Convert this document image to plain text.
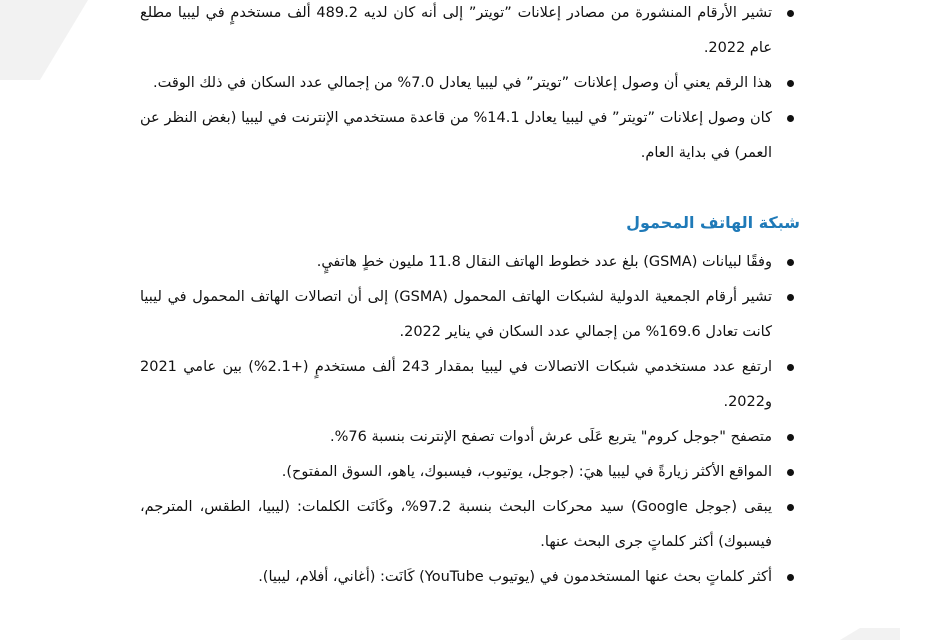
تشير الأرقام المنشورة من مصادر إعلانات ”تويتر” إلى أنه كان لديه 489.2 ألف مستخدمٍ في ليبيا مطلع عام 2022.
هذا الرقم يعني أن وصول إعلانات ”تويتر” في ليبيا يعادل 7.0% من إجمالي عدد السكان في ذلك الوقت.
كان وصول إعلانات ”تويتر” في ليبيا يعادل 14.1% من قاعدة مستخدمي الإنترنت في ليبيا (بغض النظر عن العمر) في بداية العام.
شبكة الهاتف المحمول
وفقًا لبيانات (GSMA) بلغ عدد خطوط الهاتف النقال 11.8 مليون خطٍ هاتفيٍ.
تشير أرقام الجمعية الدولية لشبكات الهاتف المحمول (GSMA) إلى أن اتصالات الهاتف المحمول في ليبيا كانت تعادل 169.6% من إجمالي عدد السكان في يناير 2022.
ارتفع عدد مستخدمي شبكات الاتصالات في ليبيا بمقدار 243 ألف مستخدمٍ (+2.1%) بين عامي 2021 و2022.
متصفح "جوجل كروم" يتربع عَلَى عرش أدوات تصفح الإنترنت بنسبة 76%.
المواقع الأكثر زيارةً في ليبيا هيَ: (جوجل، يوتيوب، فيسبوك، ياهو، السوق المفتوح).
يبقى (جوجل Google) سيد محركات البحث بنسبة 97.2%، وكَانَت الكلمات: (ليبيا، الطقس، المترجم، فيسبوك) أكثر كلماتٍ جرى البحث عنها.
أكثر كلماتٍ بحث عنها المستخدمون في (يوتيوب YouTube) كَانَت: (أغاني، أفلام، ليبيا).
